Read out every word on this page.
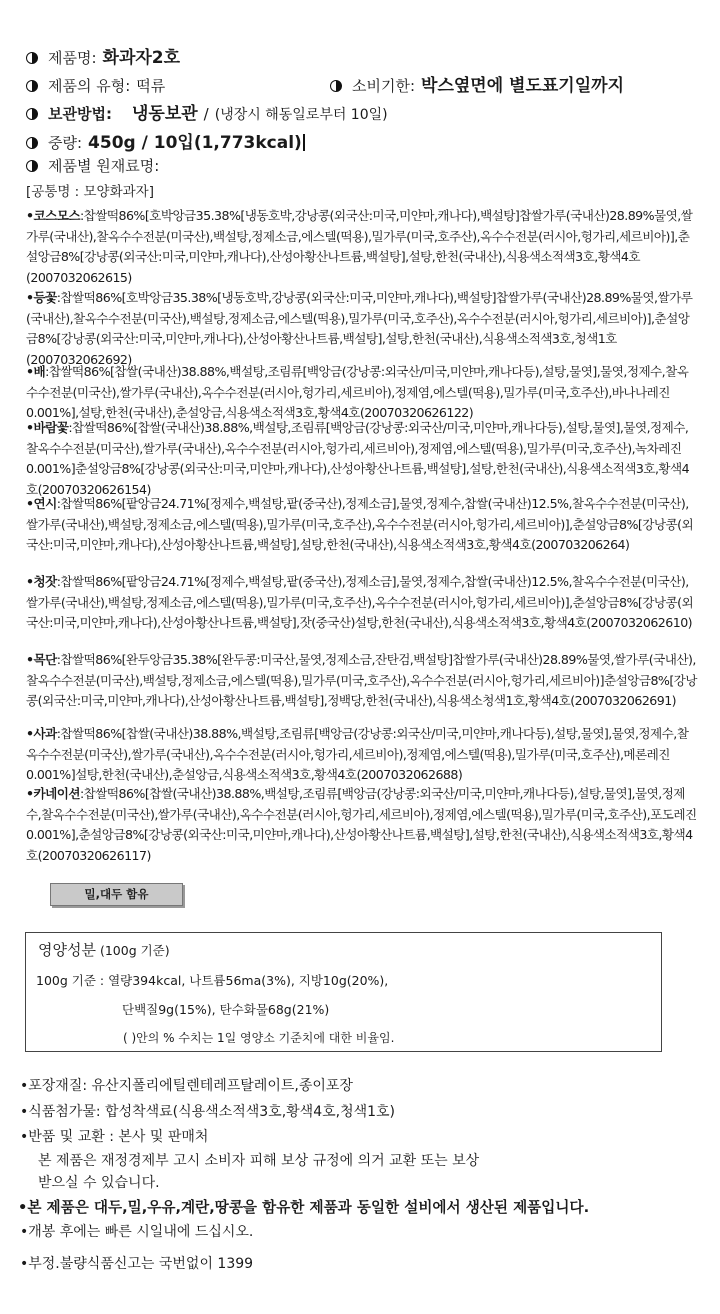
제품명: 화과자2호
제품의 유형: 떡류	소비기한: 박스옆면에 별도표기일까지
보관방법: 냉동보관 / (냉장시 해동일로부터 10일)
중량: 450g / 10입(1,773kcal)
제품별 원재료명:
[공통명 : 모양화과자]
•코스모스:찹쌀떡86%[호박앙금35.38%[냉동호박,강낭콩(외국산:미국,미얀마,캐나다),백설탕]찹쌀가루(국내산)28.89%물엿,쌀가루(국내산),찰옥수수전분(미국산),백설탕,정제소금,에스텔(떡용),밀가루(미국,호주산),옥수수전분(러시아,헝가리,세르비아)],춘설앙금8%[강낭콩(외국산:미국,미얀마,캐나다),산성아황산나트륨,백설탕],설탕,한천(국내산),식용색소적색3호,황색4호(2007032062615)
•등꽃:찹쌀떡86%[호박앙금35.38%[냉동호박,강낭콩(외국산:미국,미얀마,캐나다),백설탕]찹쌀가루(국내산)28.89%물엿,쌀가루(국내산),찰옥수수전분(미국산),백설탕,정제소금,에스텔(떡용),밀가루(미국,호주산),옥수수전분(러시아,헝가리,세르비아)],춘설앙금8%[강낭콩(외국산:미국,미얀마,캐나다),산성아황산나트륨,백설탕],설탕,한천(국내산),식용색소적색3호,청색1호(2007032062692)
•배:찹쌀떡86%[찹쌀(국내산)38.88%,백설탕,조림류[백앙금(강낭콩:외국산/미국,미얀마,캐나다등),설탕,물엿],물엿,정제수,찰옥수수전분(미국산),쌀가루(국내산),옥수수전분(러시아,헝가리,세르비아),정제염,에스텔(떡용),밀가루(미국,호주산),바나나레진0.001%],설탕,한천(국내산),춘설앙금,식용색소적색3호,황색4호(20070320626122)
•바람꽃:찹쌀떡86%[찹쌀(국내산)38.88%,백설탕,조림류[백앙금(강낭콩:외국산/미국,미얀마,캐나다등),설탕,물엿],물엿,정제수,찰옥수수전분(미국산),쌀가루(국내산),옥수수전분(러시아,헝가리,세르비아),정제염,에스텔(떡용),밀가루(미국,호주산),녹차레진0.001%]춘설앙금8%[강낭콩(외국산:미국,미얀마,캐나다),산성아황산나트륨,백설탕],설탕,한천(국내산),식용색소적색3호,황색4호(20070320626154)
•연시:찹쌀떡86%[팥앙금24.71%[정제수,백설탕,팥(중국산),정제소금],물엿,정제수,찹쌀(국내산)12.5%,찰옥수수전분(미국산),쌀가루(국내산),백설탕,정제소금,에스텔(떡용),밀가루(미국,호주산),옥수수전분(러시아,헝가리,세르비아)],춘설앙금8%[강낭콩(외국산:미국,미얀마,캐나다),산성아황산나트륨,백설탕],설탕,한천(국내산),식용색소적색3호,황색4호(200703206264)
•청잣:찹쌀떡86%[팥앙금24.71%[정제수,백설탕,팥(중국산),정제소금],물엿,정제수,찹쌀(국내산)12.5%,찰옥수수전분(미국산),쌀가루(국내산),백설탕,정제소금,에스텔(떡용),밀가루(미국,호주산),옥수수전분(러시아,헝가리,세르비아)],춘설앙금8%[강낭콩(외국산:미국,미얀마,캐나다),산성아황산나트륨,백설탕],잣(중국산)설탕,한천(국내산),식용색소적색3호,황색4호(2007032062610)
•목단:찹쌀떡86%[완두앙금35.38%[완두콩:미국산,물엿,정제소금,잔탄검,백설탕]찹쌀가루(국내산)28.89%물엿,쌀가루(국내산),찰옥수수전분(미국산),백설탕,정제소금,에스텔(떡용),밀가루(미국,호주산),옥수수전분(러시아,헝가리,세르비아)]춘설앙금8%[강낭콩(외국산:미국,미얀마,캐나다),산성아황산나트륨,백설탕],정백당,한천(국내산),식용색소청색1호,황색4호(2007032062691)
•사과:찹쌀떡86%[찹쌀(국내산)38.88%,백설탕,조림류[백앙금(강낭콩:외국산/미국,미얀마,캐나다등),설탕,물엿],물엿,정제수,찰옥수수전분(미국산),쌀가루(국내산),옥수수전분(러시아,헝가리,세르비아),정제염,에스텔(떡용),밀가루(미국,호주산),메론레진0.001%]설탕,한천(국내산),춘설앙금,식용색소적색3호,황색4호(2007032062688)
•카네이션:찹쌀떡86%[찹쌀(국내산)38.88%,백설탕,조림류[백앙금(강낭콩:외국산/미국,미얀마,캐나다등),설탕,물엿],물엿,정제수,찰옥수수전분(미국산),쌀가루(국내산),옥수수전분(러시아,헝가리,세르비아),정제염,에스텔(떡용),밀가루(미국,호주산),포도레진0.001%],춘설앙금8%[강낭콩(외국산:미국,미얀마,캐나다),산성아황산나트륨,백설탕],설탕,한천(국내산),식용색소적색3호,황색4호(20070320626117)
밀,대두 함유
영양성분 (100g 기준)
100g 기준 : 열량394kcal, 나트륨56ma(3%), 지방10g(20%),
단백질9g(15%), 탄수화물68g(21%)
( )안의 % 수치는 1일 영양소 기준치에 대한 비율임.
•포장재질: 유산지폴리에틸렌테레프탈레이트,종이포장
•식품첨가물: 합성착색료(식용색소적색3호,황색4호,청색1호)
•반품 및 교환 : 본사 및 판매처
본 제품은 재정경제부 고시 소비자 피해 보상 규정에 의거 교환 또는 보상
받으실 수 있습니다.
•본 제품은 대두,밀,우유,계란,땅콩을 함유한 제품과 동일한 설비에서 생산된 제품입니다.
•개봉 후에는 빠른 시일내에 드십시오.
•부정.불량식품신고는 국번없이 1399
